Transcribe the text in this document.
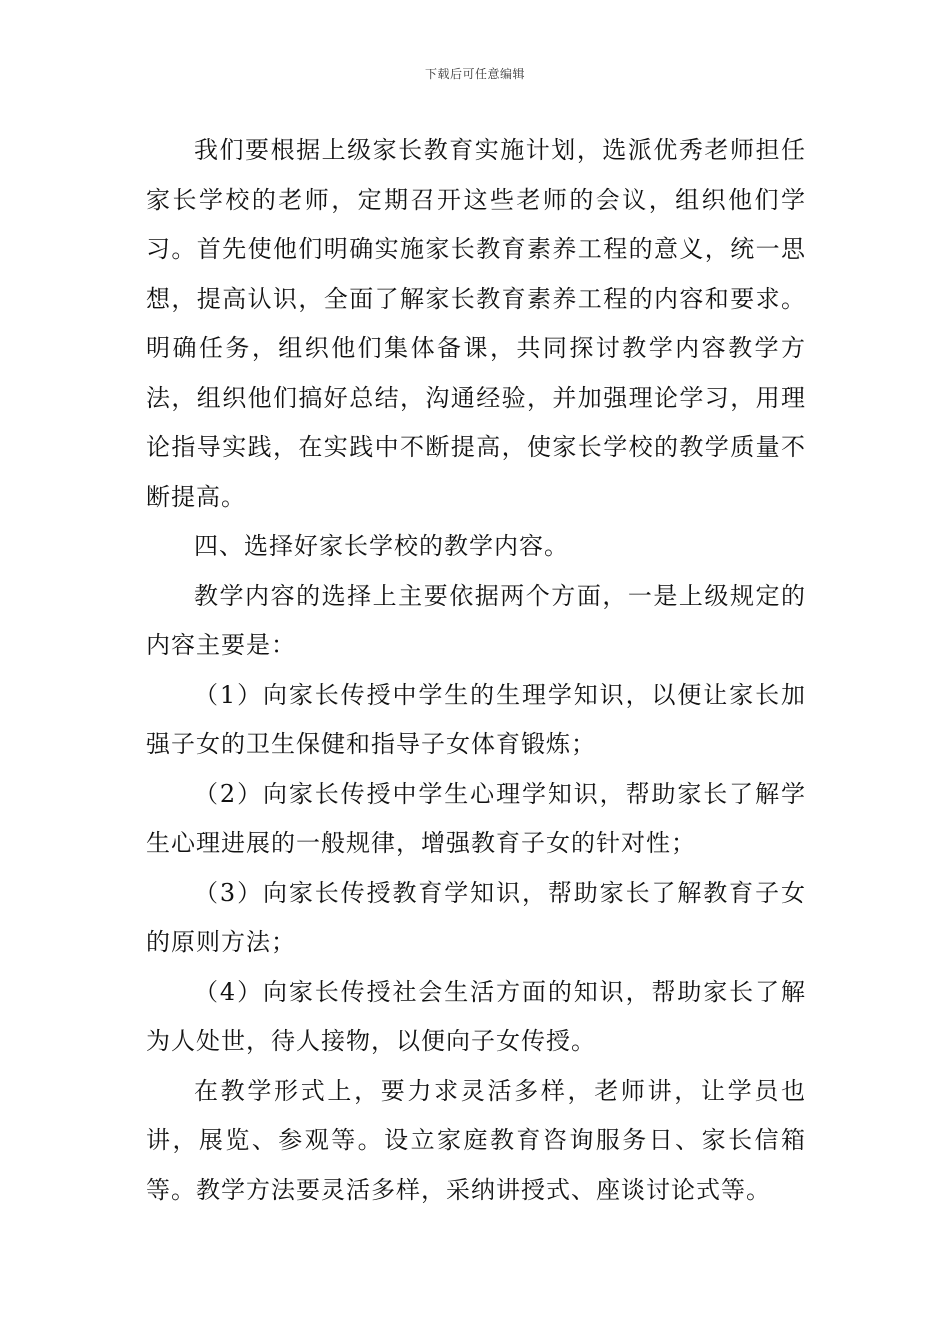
下载后可任意编辑

我们要根据上级家长教育实施计划，选派优秀老师担任家长学校的老师，定期召开这些老师的会议，组织他们学习。首先使他们明确实施家长教育素养工程的意义，统一思想，提高认识，全面了解家长教育素养工程的内容和要求。明确任务，组织他们集体备课，共同探讨教学内容教学方法，组织他们搞好总结，沟通经验，并加强理论学习，用理论指导实践，在实践中不断提高，使家长学校的教学质量不断提高。

四、选择好家长学校的教学内容。

教学内容的选择上主要依据两个方面，一是上级规定的内容主要是：

（1）向家长传授中学生的生理学知识，以便让家长加强子女的卫生保健和指导子女体育锻炼；

（2）向家长传授中学生心理学知识，帮助家长了解学生心理进展的一般规律，增强教育子女的针对性；

（3）向家长传授教育学知识，帮助家长了解教育子女的原则方法；

（4）向家长传授社会生活方面的知识，帮助家长了解为人处世，待人接物，以便向子女传授。

在教学形式上，要力求灵活多样，老师讲，让学员也讲，展览、参观等。设立家庭教育咨询服务日、家长信箱等。教学方法要灵活多样，采纳讲授式、座谈讨论式等。
